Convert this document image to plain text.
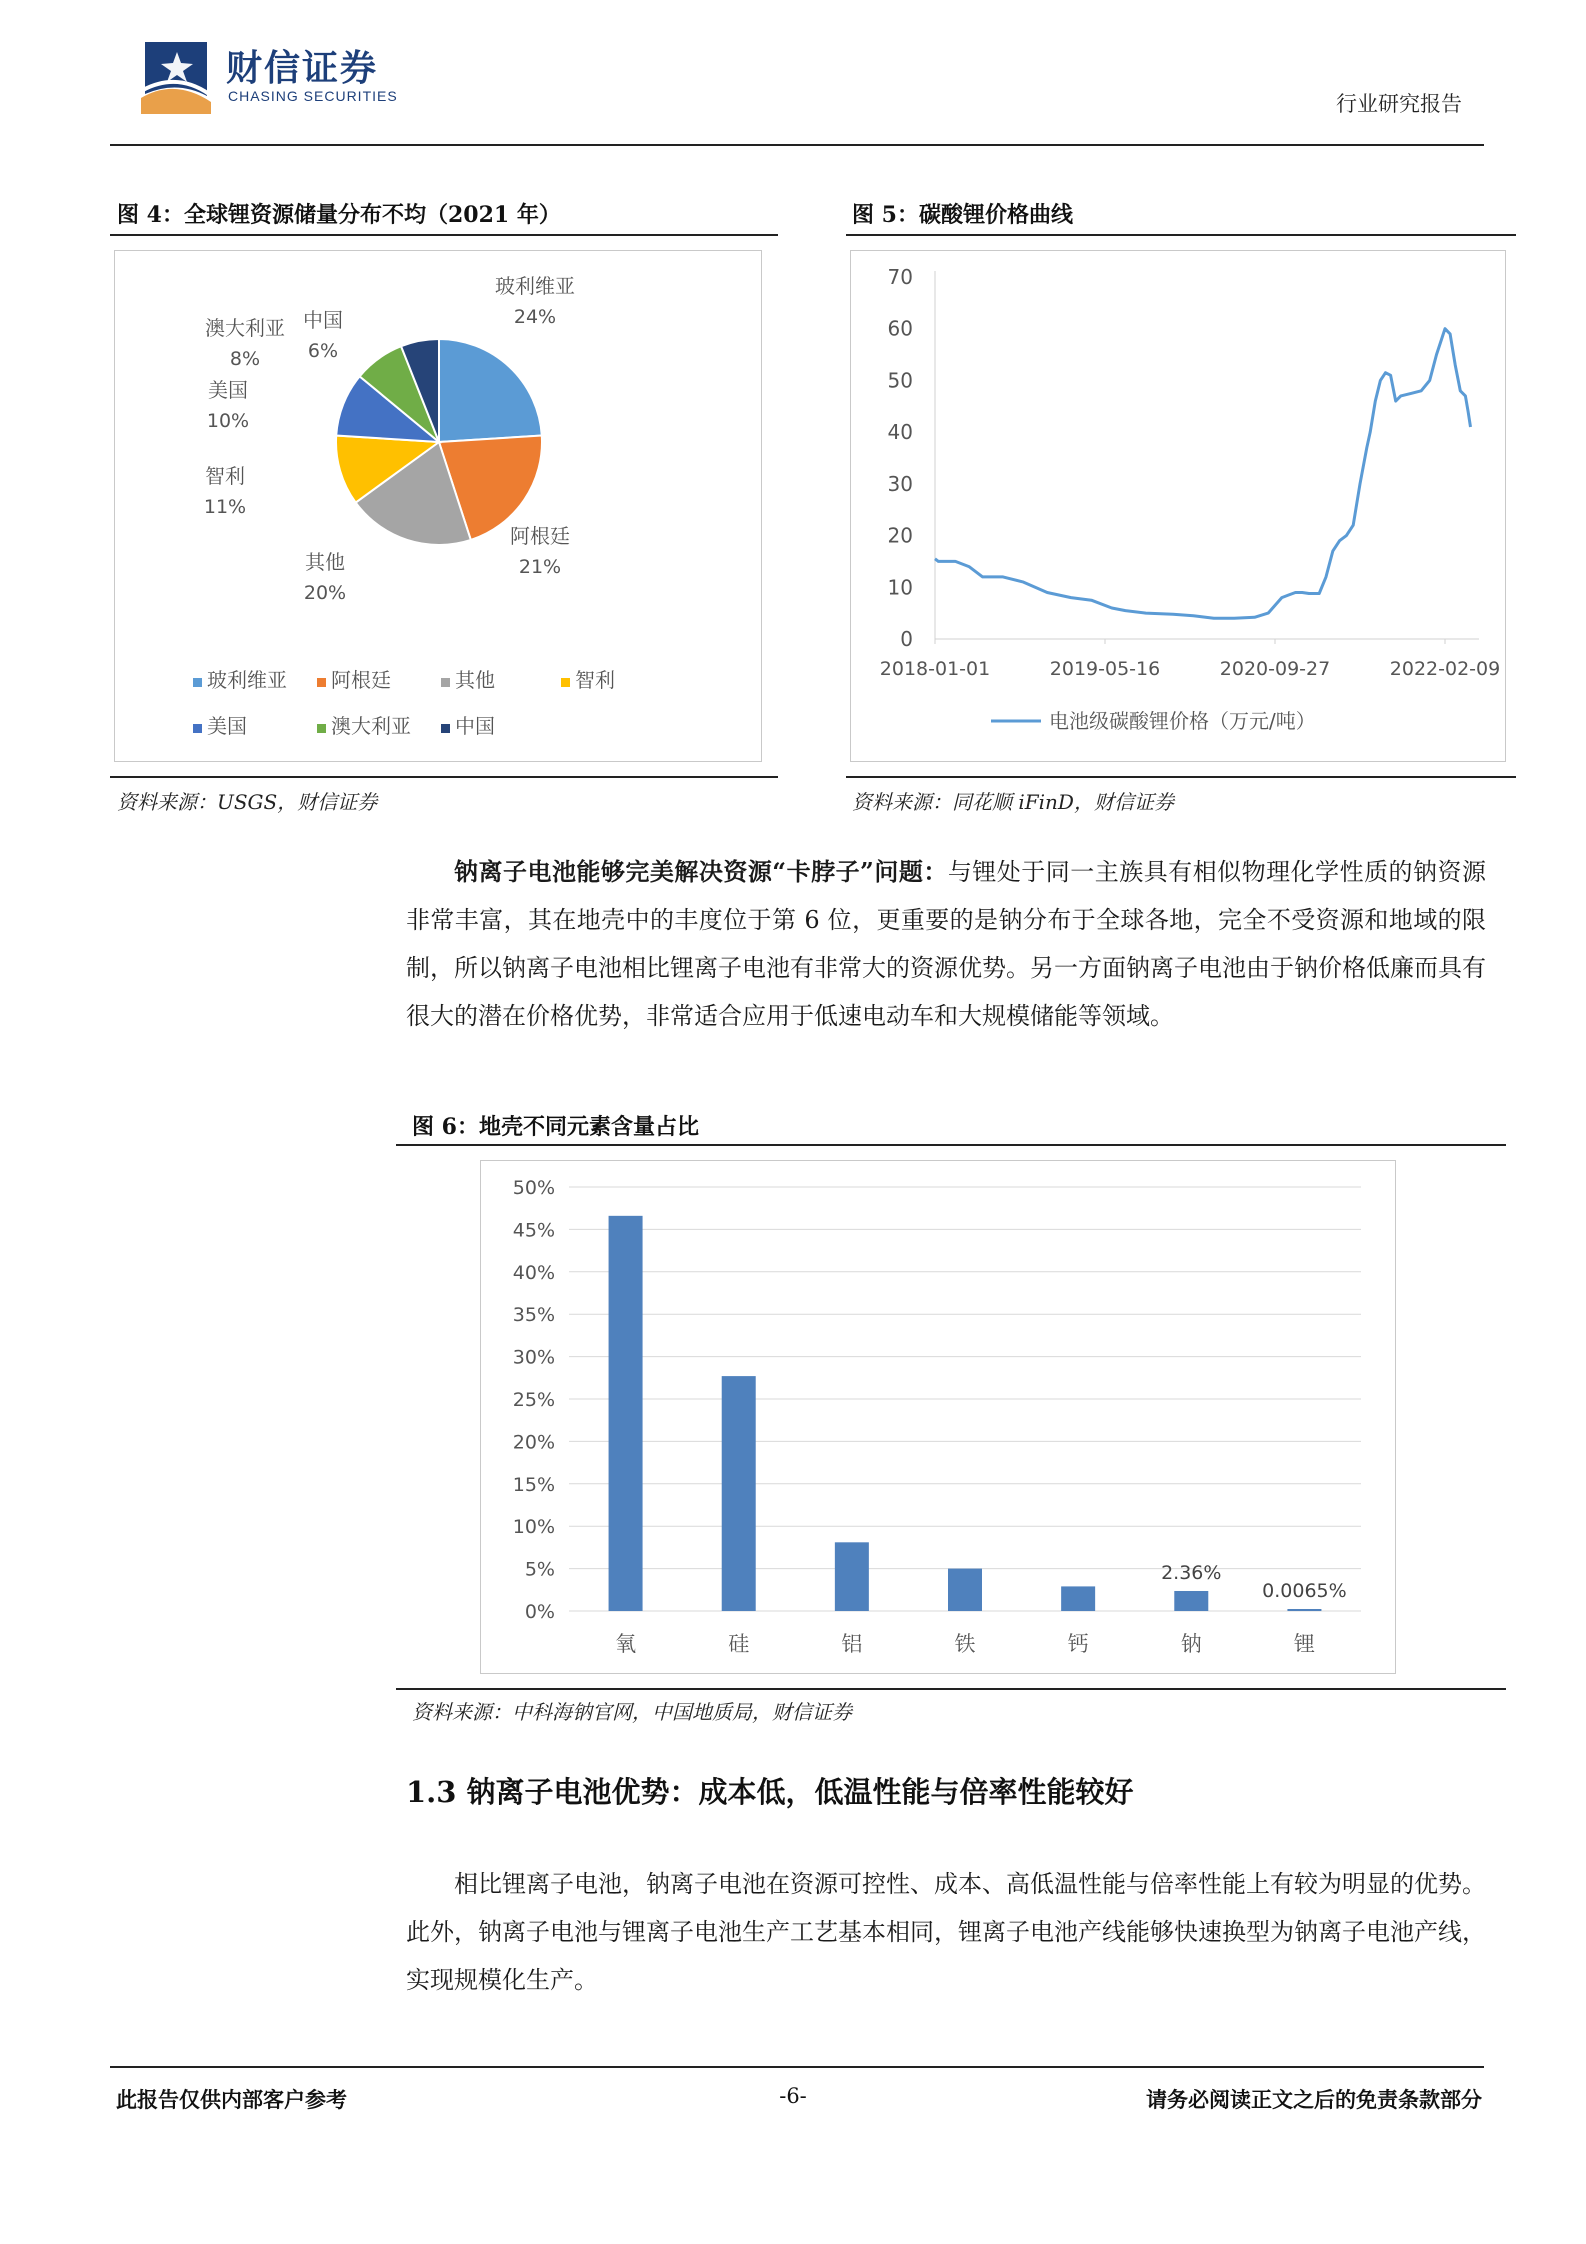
财信证券
CHASING SECURITIES	行业研究报告
图 4：全球锂资源储量分布不均（2021 年）
玻利维亚
24%
阿根廷
21%
其他
20%
智利
11%
美国
10%
澳大利亚
8%
中国
6%
玻利维亚 阿根廷	其他	智利
美国	澳大利亚 中国
资料来源：USGS，财信证券
图 5：碳酸锂价格曲线
70
60
50
40
30
20
10
0
2018-01-01	2019-05-16	2020-09-27	2022-02-09
电池级碳酸锂价格（万元/吨）
资料来源：同花顺 iFinD，财信证券

钠离子电池能够完美解决资源“卡脖子”问题：与锂处于同一主族具有相似物理化学性质的钠资源非常丰富，其在地壳中的丰度位于第 6 位，更重要的是钠分布于全球各地，完全不受资源和地域的限制，所以钠离子电池相比锂离子电池有非常大的资源优势。另一方面钠离子电池由于钠价格低廉而具有很大的潜在价格优势，非常适合应用于低速电动车和大规模储能等领域。

图 6：地壳不同元素含量占比
50%
45%
40%
35%
30%
25%
20%
15%
10%
5%
0%
氧	硅	铝	铁	钙	钠
2.36%
锂
0.0065%
资料来源：中科海钠官网，中国地质局，财信证券
1.3 钠离子电池优势：成本低，低温性能与倍率性能较好

相比锂离子电池，钠离子电池在资源可控性、成本、高低温性能与倍率性能上有较为明显的优势。此外，钠离子电池与锂离子电池生产工艺基本相同，锂离子电池产线能够快速换型为钠离子电池产线，实现规模化生产。

此报告仅供内部客户参考	-6-	请务必阅读正文之后的免责条款部分
